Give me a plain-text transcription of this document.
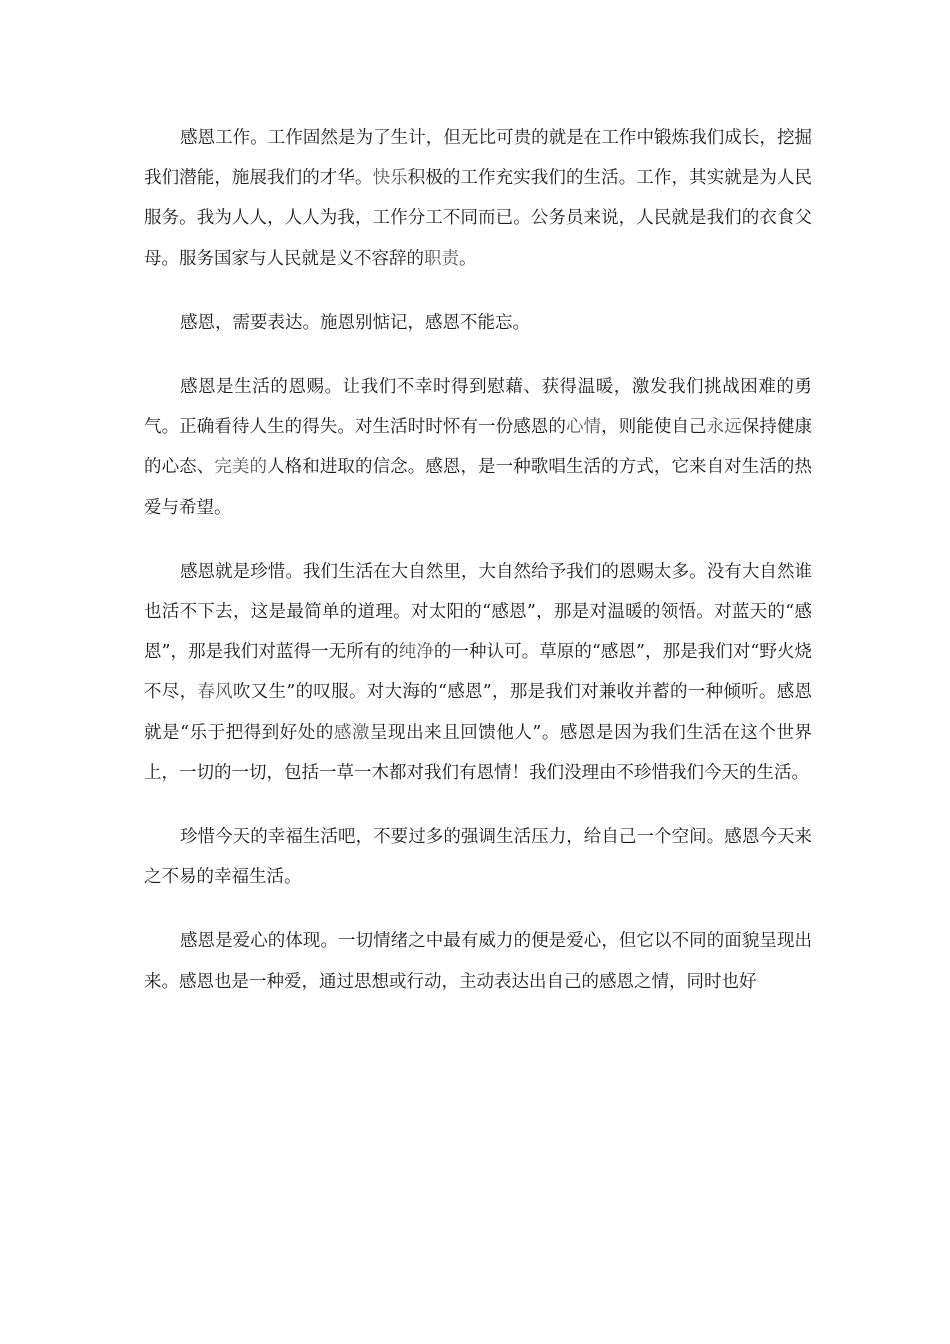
感恩工作。工作固然是为了生计，但无比可贵的就是在工作中锻炼我们成长，挖掘我们潜能，施展我们的才华。快乐积极的工作充实我们的生活。工作，其实就是为人民服务。我为人人，人人为我，工作分工不同而已。公务员来说，人民就是我们的衣食父母。服务国家与人民就是义不容辞的职责。

感恩，需要表达。施恩别惦记，感恩不能忘。

感恩是生活的恩赐。让我们不幸时得到慰藉、获得温暖，激发我们挑战困难的勇气。正确看待人生的得失。对生活时时怀有一份感恩的心情，则能使自己永远保持健康的心态、完美的人格和进取的信念。感恩，是一种歌唱生活的方式，它来自对生活的热爱与希望。

感恩就是珍惜。我们生活在大自然里，大自然给予我们的恩赐太多。没有大自然谁也活不下去，这是最简单的道理。对太阳的“感恩”，那是对温暖的领悟。对蓝天的“感恩”，那是我们对蓝得一无所有的纯净的一种认可。草原的“感恩”，那是我们对“野火烧不尽，春风吹又生”的叹服。对大海的“感恩”，那是我们对兼收并蓄的一种倾听。感恩就是“乐于把得到好处的感激呈现出来且回馈他人”。感恩是因为我们生活在这个世界上，一切的一切，包括一草一木都对我们有恩情！我们没理由不珍惜我们今天的生活。

珍惜今天的幸福生活吧，不要过多的强调生活压力，给自己一个空间。感恩今天来之不易的幸福生活。

感恩是爱心的体现。一切情绪之中最有威力的便是爱心，但它以不同的面貌呈现出来。感恩也是一种爱，通过思想或行动，主动表达出自己的感恩之情，同时也好
